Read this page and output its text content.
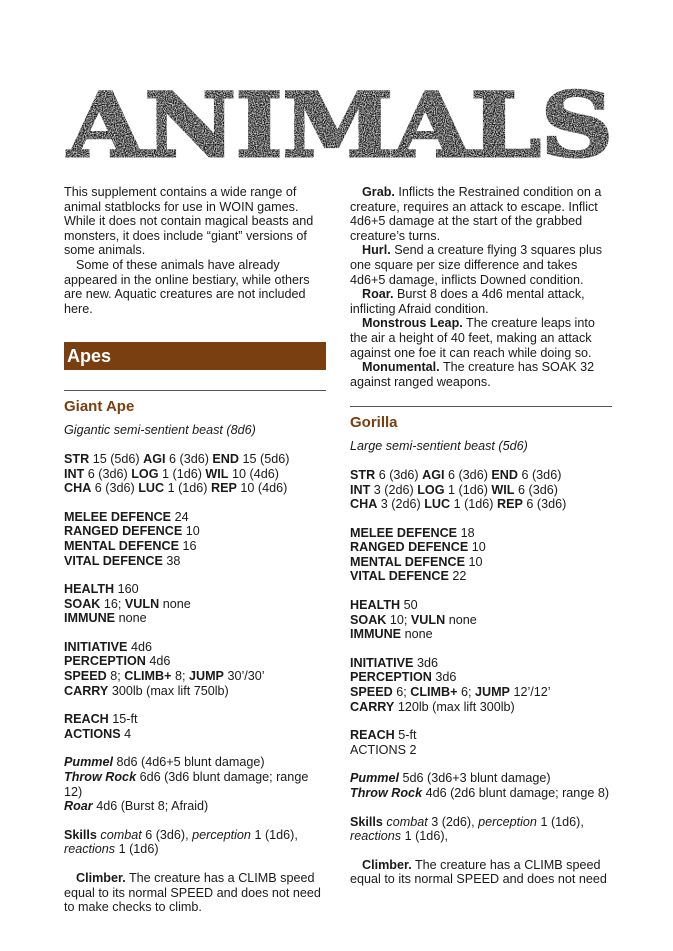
ANIMALS

This supplement contains a wide range of animal statblocks for use in WOIN games. While it does not contain magical beasts and monsters, it does include “giant” versions of some animals.

Some of these animals have already appeared in the online bestiary, while others are new. Aquatic creatures are not included here.

Apes
Giant Ape
Gigantic semi-sentient beast (8d6)

STR 15 (5d6) AGI 6 (3d6) END 15 (5d6)

INT 6 (3d6) LOG 1 (1d6) WIL 10 (4d6)

CHA 6 (3d6) LUC 1 (1d6) REP 10 (4d6)

MELEE DEFENCE 24

RANGED DEFENCE 10

MENTAL DEFENCE 16

VITAL DEFENCE 38

HEALTH 160

SOAK 16; VULN none

IMMUNE none

INITIATIVE 4d6

PERCEPTION 4d6

SPEED 8; CLIMB+ 8; JUMP 30’/30’

CARRY 300lb (max lift 750lb)

REACH 15-ft

ACTIONS 4

Pummel 8d6 (4d6+5 blunt damage)

Throw Rock 6d6 (3d6 blunt damage; range 12)

Roar 4d6 (Burst 8; Afraid)

Skills combat 6 (3d6), perception 1 (1d6), reactions 1 (1d6)

Climber. The creature has a CLIMB speed equal to its normal SPEED and does not need to make checks to climb.

Grab. Inflicts the Restrained condition on a creature, requires an attack to escape. Inflict 4d6+5 damage at the start of the grabbed creature’s turns.

Hurl. Send a creature flying 3 squares plus one square per size difference and takes 4d6+5 damage, inflicts Downed condition.

Roar. Burst 8 does a 4d6 mental attack, inflicting Afraid condition.

Monstrous Leap. The creature leaps into the air a height of 40 feet, making an attack against one foe it can reach while doing so.

Monumental. The creature has SOAK 32 against ranged weapons.

Gorilla
Large semi-sentient beast (5d6)

STR 6 (3d6) AGI 6 (3d6) END 6 (3d6)

INT 3 (2d6) LOG 1 (1d6) WIL 6 (3d6)

CHA 3 (2d6) LUC 1 (1d6) REP 6 (3d6)

MELEE DEFENCE 18

RANGED DEFENCE 10

MENTAL DEFENCE 10

VITAL DEFENCE 22

HEALTH 50

SOAK 10; VULN none

IMMUNE none

INITIATIVE 3d6

PERCEPTION 3d6

SPEED 6; CLIMB+ 6; JUMP 12’/12’

CARRY 120lb (max lift 300lb)

REACH 5-ft

ACTIONS 2

Pummel 5d6 (3d6+3 blunt damage)

Throw Rock 4d6 (2d6 blunt damage; range 8)

Skills combat 3 (2d6), perception 1 (1d6), reactions 1 (1d6),

Climber. The creature has a CLIMB speed equal to its normal SPEED and does not need
